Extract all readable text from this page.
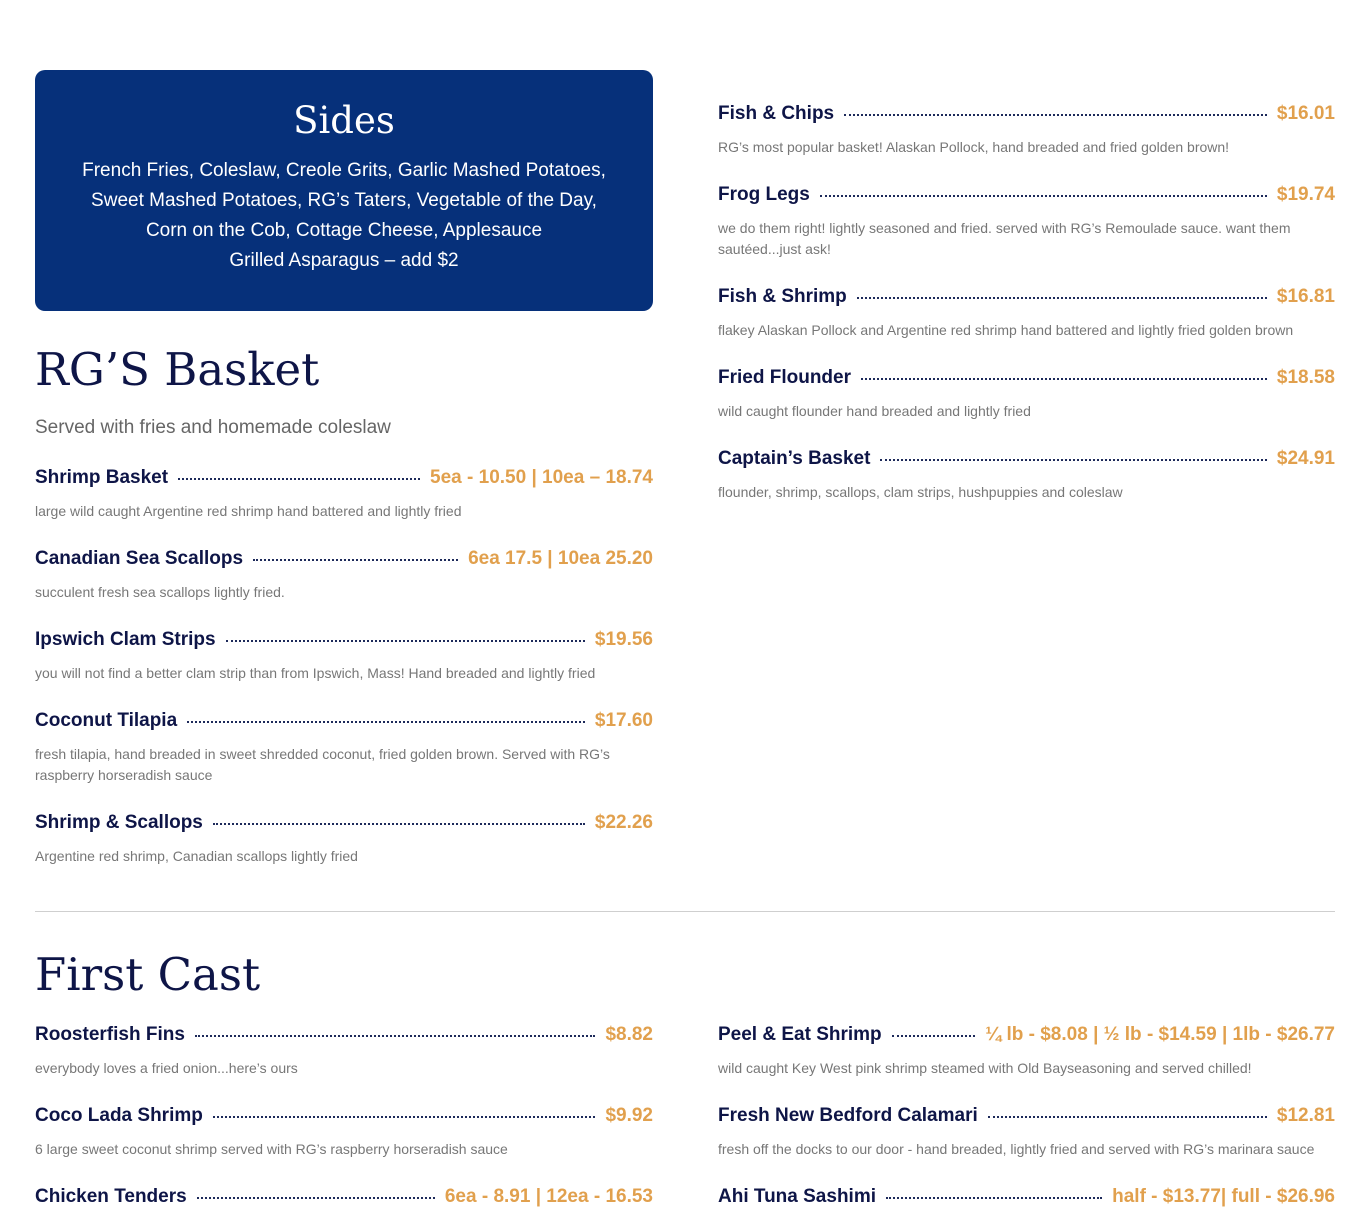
Sides
French Fries, Coleslaw, Creole Grits, Garlic Mashed Potatoes, Sweet Mashed Potatoes, RG’s Taters, Vegetable of the Day, Corn on the Cob, Cottage Cheese, Applesauce
Grilled Asparagus – add $2
RG’S Basket
Served with fries and homemade coleslaw
Shrimp Basket	5ea - 10.50 | 10ea – 18.74
large wild caught Argentine red shrimp hand battered and lightly fried
Canadian Sea Scallops	6ea 17.5 | 10ea 25.20
succulent fresh sea scallops lightly fried.
Ipswich Clam Strips	$19.56
you will not find a better clam strip than from Ipswich, Mass! Hand breaded and lightly fried
Coconut Tilapia	$17.60
fresh tilapia, hand breaded in sweet shredded coconut, fried golden brown. Served with RG’s raspberry horseradish sauce
Shrimp & Scallops	$22.26
Argentine red shrimp, Canadian scallops lightly fried
Fish & Chips	$16.01
RG’s most popular basket! Alaskan Pollock, hand breaded and fried golden brown!
Frog Legs	$19.74
we do them right! lightly seasoned and fried. served with RG’s Remoulade sauce. want them sautéed...just ask!
Fish & Shrimp	$16.81
flakey Alaskan Pollock and Argentine red shrimp hand battered and lightly fried golden brown
Fried Flounder	$18.58
wild caught flounder hand breaded and lightly fried
Captain’s Basket	$24.91
flounder, shrimp, scallops, clam strips, hushpuppies and coleslaw
First Cast
Roosterfish Fins	$8.82
everybody loves a fried onion...here’s ours
Coco Lada Shrimp	$9.92
6 large sweet coconut shrimp served with RG’s raspberry horseradish sauce
Chicken Tenders	6ea - 8.91 | 12ea - 16.53
Peel & Eat Shrimp	¼ lb - $8.08 | ½ lb - $14.59 | 1lb - $26.77
wild caught Key West pink shrimp steamed with Old Bayseasoning and served chilled!
Fresh New Bedford Calamari	$12.81
fresh off the docks to our door - hand breaded, lightly fried and served with RG’s marinara sauce
Ahi Tuna Sashimi	half - $13.77| full - $26.96
